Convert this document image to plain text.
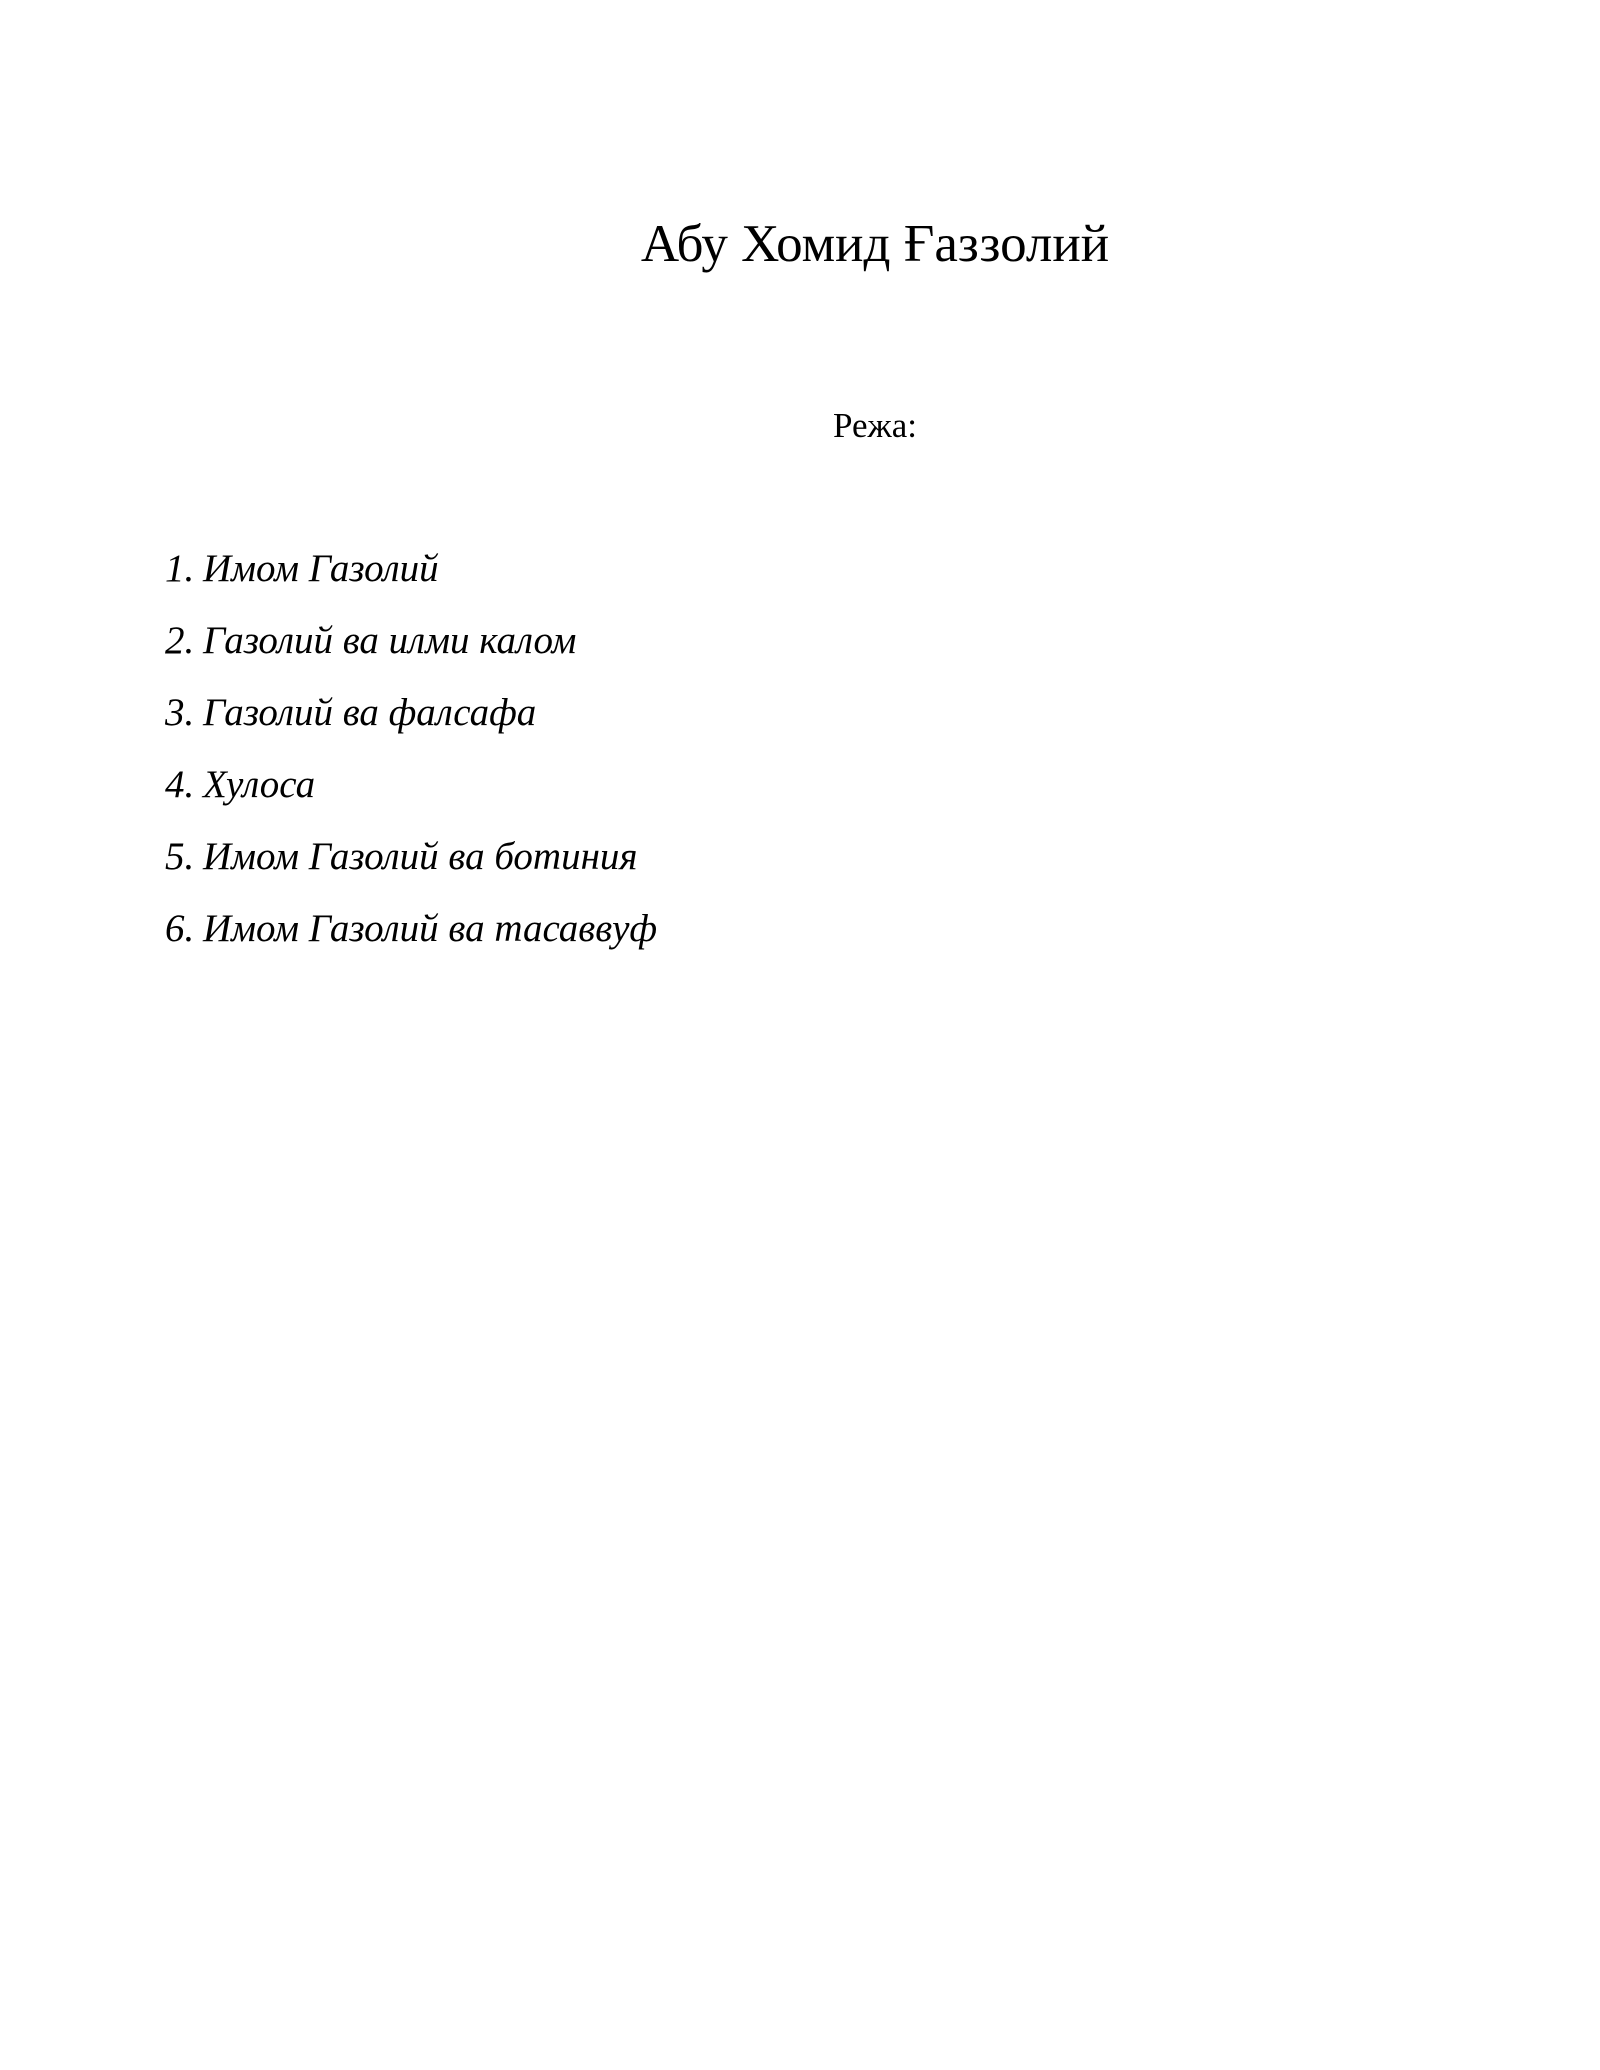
Абу Хомид Ғаззолий

Режа:

1. Имом Газолий
2. Газолий ва илми калом
3. Газолий ва фалсафа
4. Хулоса
5. Имом Газолий ва ботиния
6. Имом Газолий ва тасаввуф
